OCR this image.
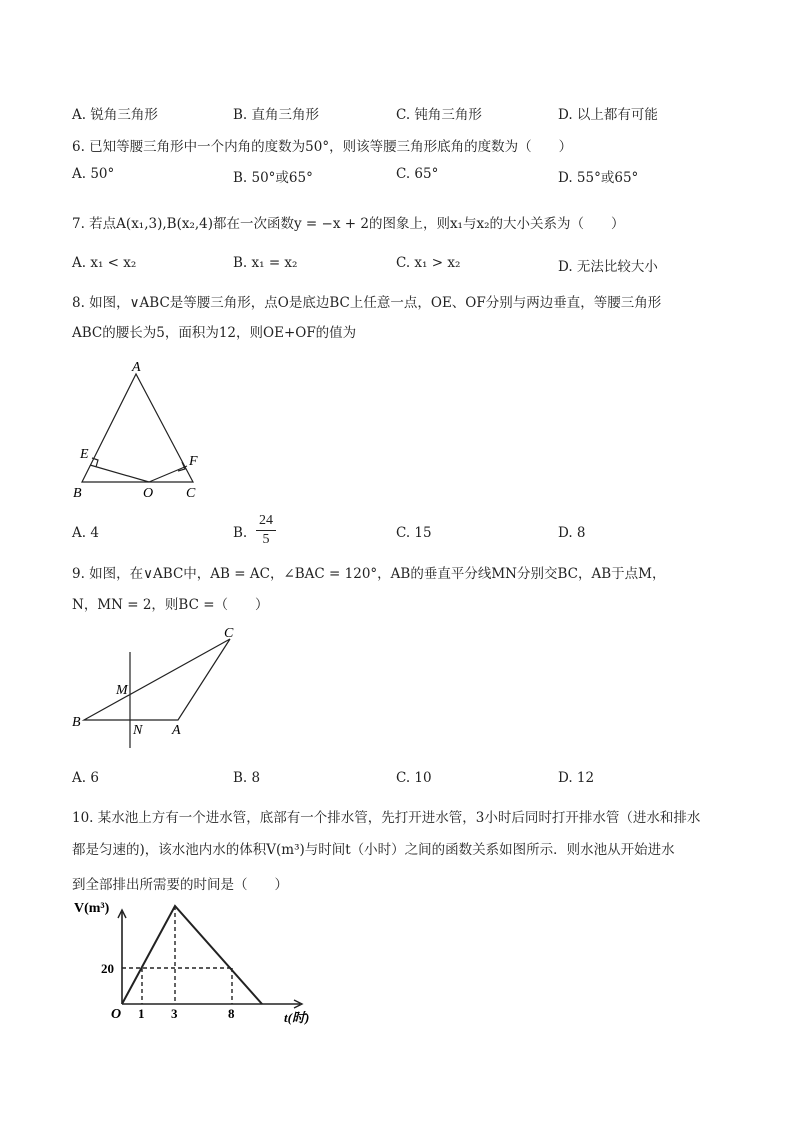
A. 锐角三角形	B. 直角三角形	C. 钝角三角形	D. 以上都有可能
6. 已知等腰三角形中一个内角的度数为50°，则该等腰三角形底角的度数为（　　）
A. 50°	B. 50°或65°	C. 65°	D. 55°或65°
7. 若点A(x₁,3),B(x₂,4)都在一次函数y = −x + 2的图象上，则x₁与x₂的大小关系为（　　）
A. x₁ < x₂	B. x₁ = x₂	C. x₁ > x₂	D. 无法比较大小
8. 如图，∨ABC是等腰三角形，点O是底边BC上任意一点，OE、OF分别与两边垂直，等腰三角形
ABC的腰长为5，面积为12，则OE+OF的值为
A
E	F
B	O C
A. 4	B.
24
5	C. 15	D. 8
9. 如图，在∨ABC中，AB = AC，∠BAC = 120°，AB的垂直平分线MN分别交BC，AB于点M，
N，MN = 2，则BC =（　　）
C
M
B
N A
A. 6	B. 8	C. 10	D. 12
10. 某水池上方有一个进水管，底部有一个排水管，先打开进水管，3小时后同时打开排水管（进水和排水
都是匀速的)，该水池内水的体积V(m³)与时间t（小时）之间的函数关系如图所示．则水池从开始进水
到全部排出所需要的时间是（　　）
V(m³)
20
O 1 3	8	t(时)
